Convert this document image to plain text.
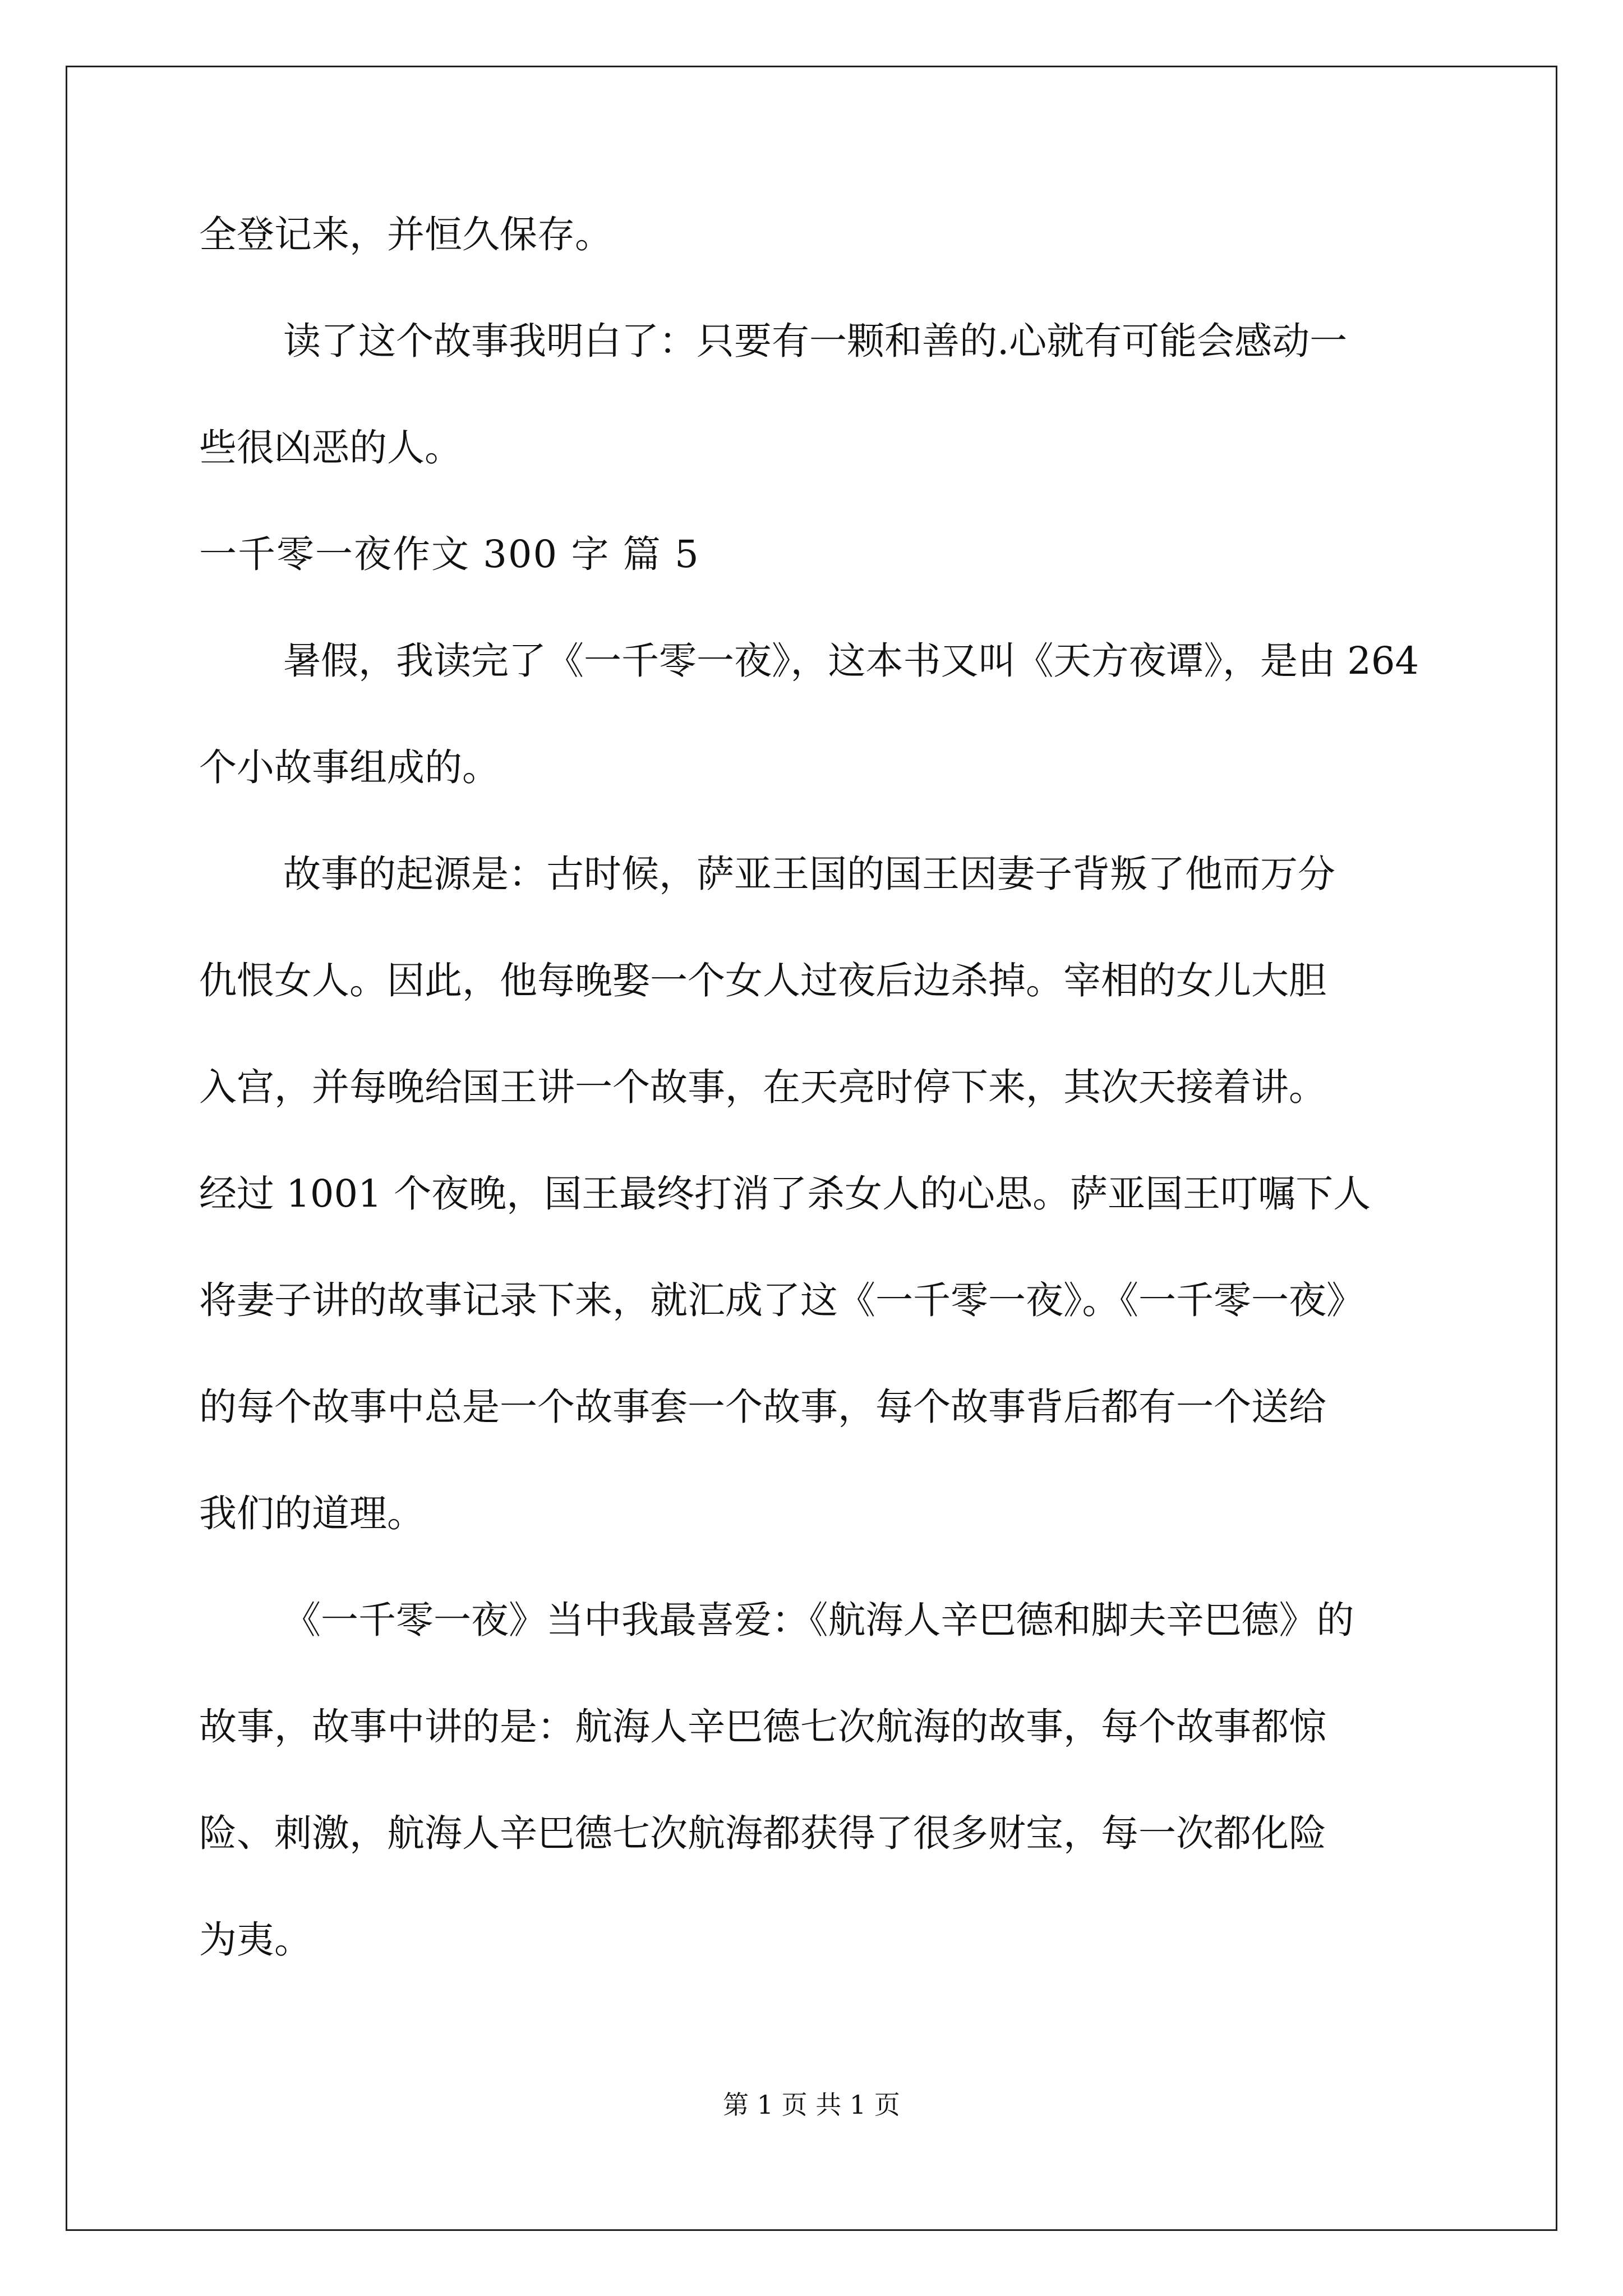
全登记来，并恒久保存。
读了这个故事我明白了：只要有一颗和善的.心就有可能会感动一
些很凶恶的人。
一千零一夜作文 300 字 篇 5
暑假，我读完了《一千零一夜》，这本书又叫《天方夜谭》，是由 264
个小故事组成的。
故事的起源是：古时候，萨亚王国的国王因妻子背叛了他而万分
仇恨女人。因此，他每晚娶一个女人过夜后边杀掉。宰相的女儿大胆
入宫，并每晚给国王讲一个故事，在天亮时停下来，其次天接着讲。
经过 1001 个夜晚，国王最终打消了杀女人的心思。萨亚国王叮嘱下人
将妻子讲的故事记录下来，就汇成了这《一千零一夜》。《一千零一夜》
的每个故事中总是一个故事套一个故事，每个故事背后都有一个送给
我们的道理。
《一千零一夜》当中我最喜爱：《航海人辛巴德和脚夫辛巴德》的
故事，故事中讲的是：航海人辛巴德七次航海的故事，每个故事都惊
险、刺激，航海人辛巴德七次航海都获得了很多财宝，每一次都化险
为夷。
第 1 页 共 1 页
